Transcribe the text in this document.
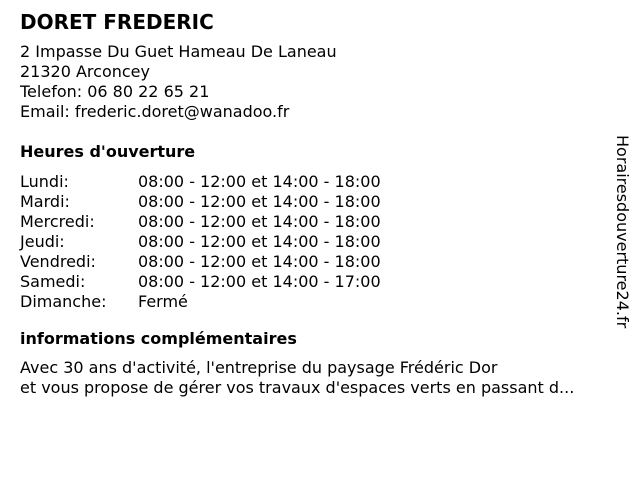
DORET FREDERIC
2 Impasse Du Guet Hameau De Laneau
21320 Arconcey
Telefon: 06 80 22 65 21
Email: frederic.doret@wanadoo.fr
Heures d'ouverture
Lundi:	08:00 - 12:00 et 14:00 - 18:00
Mardi:	08:00 - 12:00 et 14:00 - 18:00
Mercredi:	08:00 - 12:00 et 14:00 - 18:00
Jeudi:	08:00 - 12:00 et 14:00 - 18:00
Vendredi:	08:00 - 12:00 et 14:00 - 18:00
Samedi:	08:00 - 12:00 et 14:00 - 17:00
Dimanche:	Fermé
informations complémentaires
Avec 30 ans d'activité, l'entreprise du paysage Frédéric Dor
et vous propose de gérer vos travaux d'espaces verts en passant d...
Horairesdouverture24.fr
